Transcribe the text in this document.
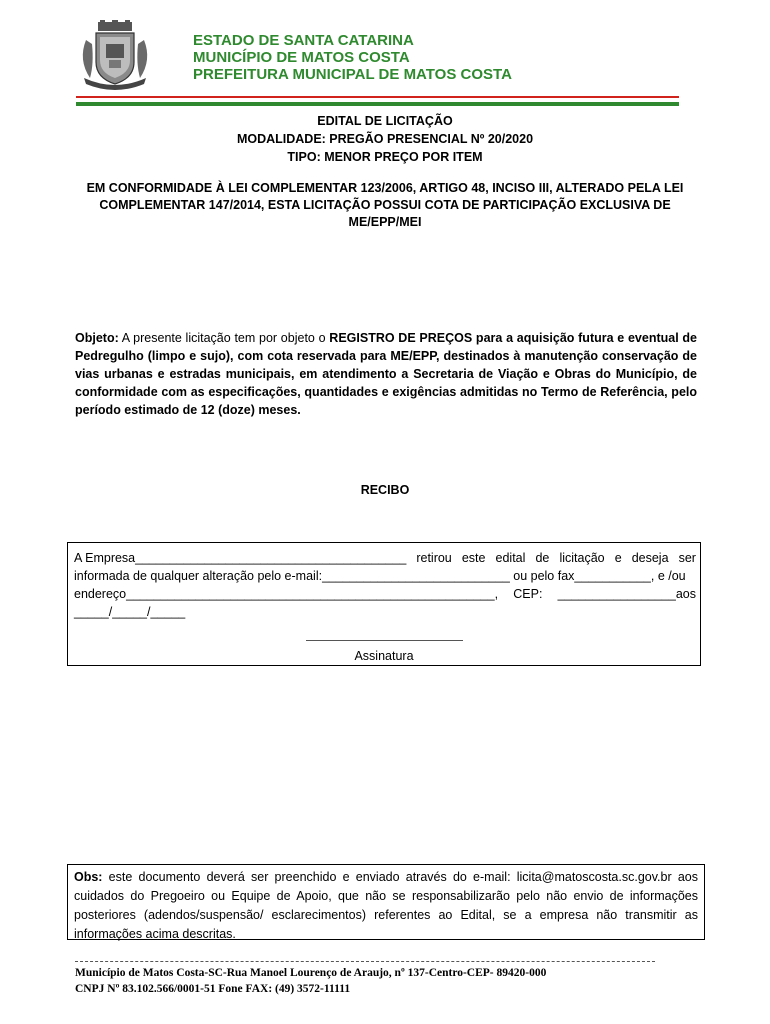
ESTADO DE SANTA CATARINA
MUNICÍPIO DE MATOS COSTA
PREFEITURA MUNICIPAL DE MATOS COSTA
EDITAL DE LICITAÇÃO
MODALIDADE: PREGÃO PRESENCIAL Nº 20/2020
TIPO: MENOR PREÇO POR ITEM
EM CONFORMIDADE À LEI COMPLEMENTAR 123/2006, ARTIGO 48, INCISO III, ALTERADO PELA LEI
COMPLEMENTAR 147/2014, ESTA LICITAÇÃO POSSUI COTA DE PARTICIPAÇÃO EXCLUSIVA DE
ME/EPP/MEI
Objeto: A presente licitação tem por objeto o REGISTRO DE PREÇOS para a aquisição futura e eventual de Pedregulho (limpo e sujo), com cota reservada para ME/EPP, destinados à manutenção conservação de vias urbanas e estradas municipais, em atendimento a Secretaria de Viação e Obras do Município, de conformidade com as especificações, quantidades e exigências admitidas no Termo de Referência, pelo período estimado de 12 (doze) meses.
RECIBO
A Empresa_______________________________________ retirou este edital de licitação e deseja ser
informada de qualquer alteração pelo e-mail:___________________________ ou pelo fax___________, e /ou
endereço_____________________________________________________, CEP: _________________aos
_____/_____/_____
Assinatura
Obs: este documento deverá ser preenchido e enviado através do e-mail: licita@matoscosta.sc.gov.br aos cuidados do Pregoeiro ou Equipe de Apoio, que não se responsabilizarão pelo não envio de informações posteriores (adendos/suspensão/ esclarecimentos) referentes ao Edital, se a empresa não transmitir as informações acima descritas.
Município de Matos Costa-SC-Rua Manoel Lourenço de Araujo, nº 137-Centro-CEP- 89420-000
CNPJ Nº 83.102.566/0001-51 Fone FAX: (49) 3572-11111
